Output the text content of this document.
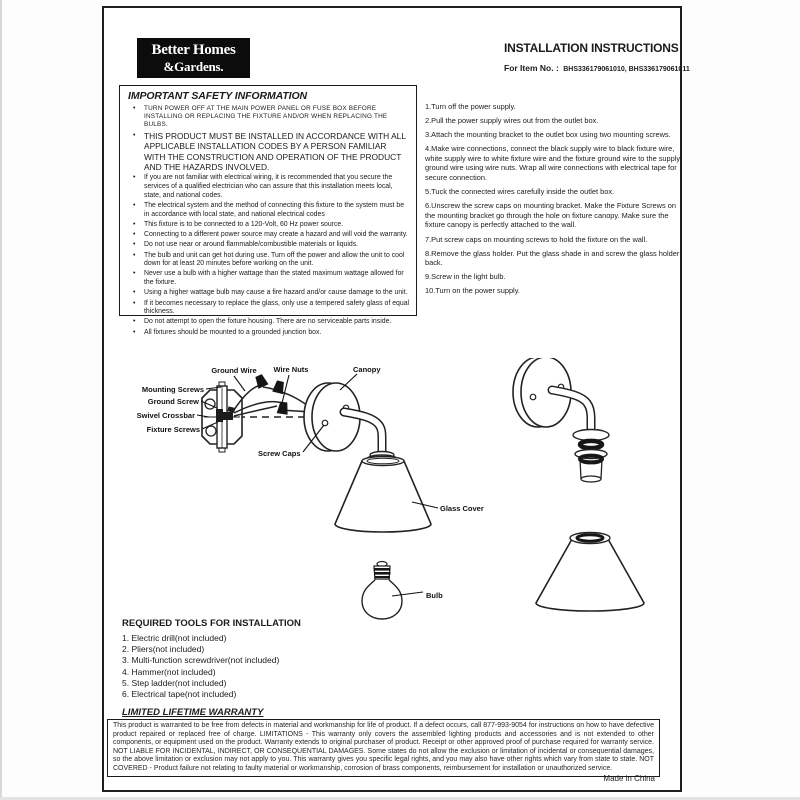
Better Homes
&Gardens.
INSTALLATION INSTRUCTIONS
For Item No. : BHS336179061010, BHS336179061011
IMPORTANT SAFETY INFORMATION
• TURN POWER OFF AT THE MAIN POWER PANEL OR FUSE BOX BEFORE INSTALLING OR REPLACING THE FIXTURE AND/OR WHEN REPLACING THE BULBS.
• THIS PRODUCT MUST BE INSTALLED IN ACCORDANCE WITH ALL APPLICABLE INSTALLATION CODES BY A PERSON FAMILIAR WITH THE CONSTRUCTION AND OPERATION OF THE PRODUCT AND THE HAZARDS INVOLVED.
• If you are not familiar with electrical wiring, it is recommended that you secure the services of a qualified electrician who can assure that this installation meets local, state, and national codes.
• The electrical system and the method of connecting this fixture to the system must be in accordance with local state, and national electrical codes
• This fixture is to be connected to a 120-Volt, 60 Hz power source.
• Connecting to a different power source may create a hazard and will void the warranty.
• Do not use near or around flammable/combustible materials or liquids.
• The bulb and unit can get hot during use. Turn off the power and allow the unit to cool down for at least 20 minutes before working on the unit.
• Never use a bulb with a higher wattage than the stated maximum wattage allowed for the fixture.
• Using a higher wattage bulb may cause a fire hazard and/or cause damage to the unit.
• If it becomes necessary to replace the glass, only use a tempered safety glass of equal thickness.
• Do not attempt to open the fixture housing. There are no serviceable parts inside.
• All fixtures should be mounted to a grounded junction box.
1.Turn off the power supply.
2.Pull the power supply wires out from the outlet box.
3.Attach the mounting bracket to the outlet box using two mounting screws.
4.Make wire connections, connect the black supply wire to black fixture wire, white supply wire to white fixture wire and the fixture ground wire to the supply ground wire using wire nuts. Wrap all wire connections with electrical tape for secure connection.
5.Tuck the connected wires carefully inside the outlet box.
6.Unscrew the screw caps on mounting bracket. Make the Fixture Screws on the mounting bracket go through the hole on fixture canopy. Make sure the fixture canopy is perfectly attached to the wall.
7.Put screw caps on mounting screws to hold the fixture on the wall.
8.Remove the glass holder. Put the glass shade in and screw the glass holder back.
9.Screw in the light bulb.
10.Turn on the power supply.
Mounting Screws
Ground Screw
Swivel Crossbar
Fixture Screws
Ground Wire Wire Nuts	Canopy
Screw Caps
Glass Cover
Bulb
REQUIRED TOOLS FOR INSTALLATION
1. Electric drill(not included)
2. Pliers(not included)
3. Multi-function screwdriver(not included)
4. Hammer(not included)
5. Step ladder(not included)
6. Electrical tape(not included)
LIMITED LIFETIME WARRANTY
This product is warranted to be free from defects in material and workmanship for life of product. If a defect occurs, call 877-993-9054 for instructions on how to have defective product repaired or replaced free of charge. LIMITATIONS - This warranty only covers the assembled lighting products and accessories and is not extended to other components, or equipment used on the product. Warranty extends to original purchaser of product. Receipt or other approved proof of purchase required for warranty service. NOT LIABLE FOR INCIDENTAL, INDIRECT, OR CONSEQUENTIAL DAMAGES. Some states do not allow the exclusion or limitation of incidental or consequential damages, so the above limitation or exclusion may not apply to you. This warranty gives you specific legal rights, and you may also have other rights which vary from state to state. NOT COVERED - Product failure not relating to faulty material or workmanship, corrosion of brass components, reimbursement for installation or unauthorized service.
Made in China
